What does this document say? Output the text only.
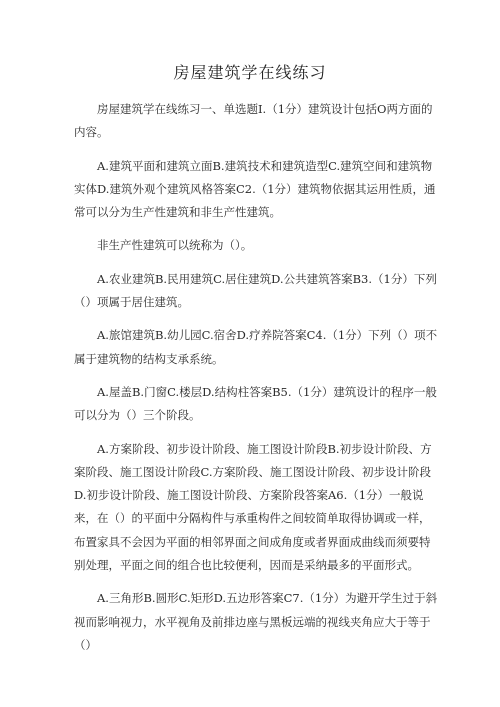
房屋建筑学在线练习

房屋建筑学在线练习一、单选题I.（1分）建筑设计包括O两方面的内容。

A.建筑平面和建筑立面B.建筑技术和建筑造型C.建筑空间和建筑物实体D.建筑外观个建筑风格答案C2.（1分）建筑物依据其运用性质，通常可以分为生产性建筑和非生产性建筑。

非生产性建筑可以统称为（）。

A.农业建筑B.民用建筑C.居住建筑D.公共建筑答案B3.（1分）下列（）项属于居住建筑。

A.旅馆建筑B.幼儿园C.宿舍D.疗养院答案C4.（1分）下列（）项不属于建筑物的结构支承系统。

A.屋盖B.门窗C.楼层D.结构柱答案B5.（1分）建筑设计的程序一般可以分为（）三个阶段。

A.方案阶段、初步设计阶段、施工图设计阶段B.初步设计阶段、方案阶段、施工图设计阶段C.方案阶段、施工图设计阶段、初步设计阶段D.初步设计阶段、施工图设计阶段、方案阶段答案A6.（1分）一般说来，在（）的平面中分隔构件与承重构件之间较简单取得协调或一样，布置家具不会因为平面的相邻界面之间成角度或者界面成曲线而须要特别处理，平面之间的组合也比较便利，因而是采纳最多的平面形式。

A.三角形B.圆形C.矩形D.五边形答案C7.（1分）为避开学生过于斜视而影响视力，水平视角及前排边座与黑板远端的视线夹角应大于等于（）
